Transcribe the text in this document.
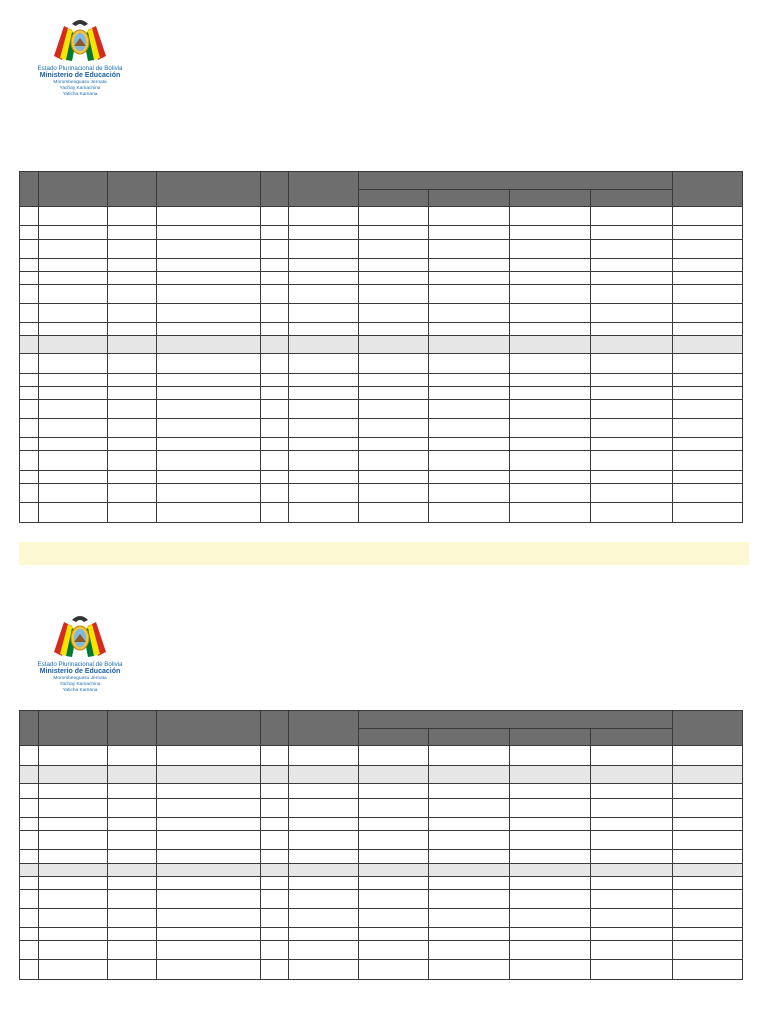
Estado Plurinacional de Bolivia
Ministerio de Educación
Morombeoguasu Jeroata
Yachay Kamachina
Yaticha Kamana

Estado Plurinacional de Bolivia
Ministerio de Educación
Morombeoguasu Jeroata
Yachay Kamachina
Yaticha Kamana
